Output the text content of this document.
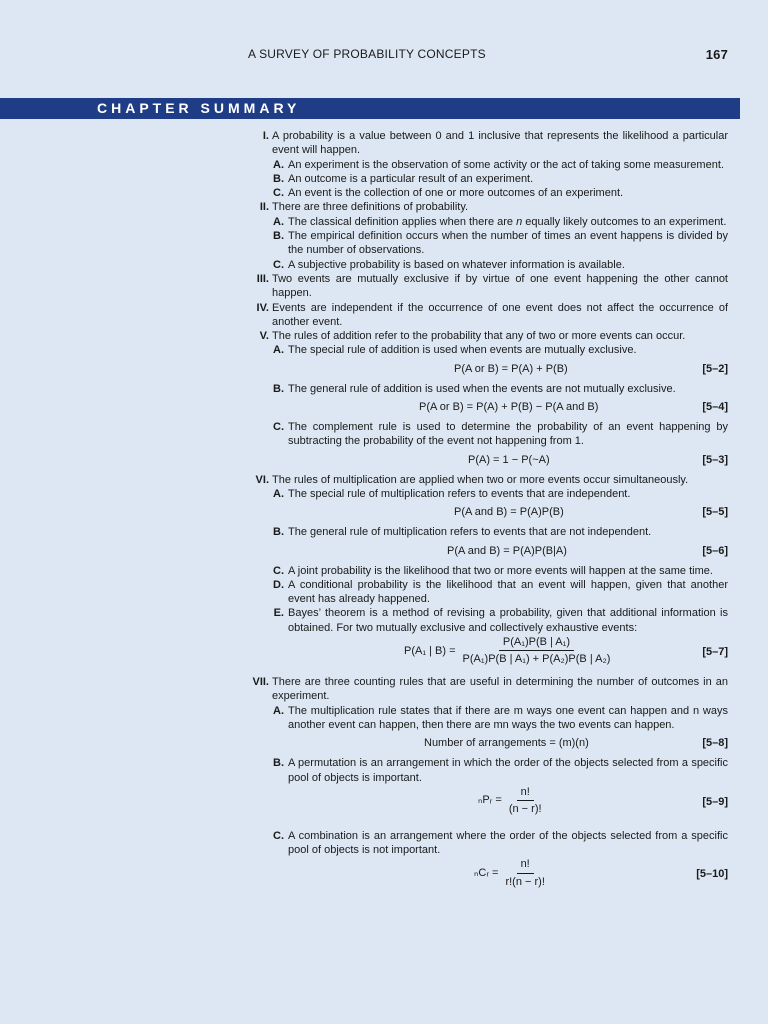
A SURVEY OF PROBABILITY CONCEPTS	167
CHAPTER SUMMARY
I. A probability is a value between 0 and 1 inclusive that represents the likelihood a particular event will happen.
A. An experiment is the observation of some activity or the act of taking some measurement.
B. An outcome is a particular result of an experiment.
C. An event is the collection of one or more outcomes of an experiment.
II. There are three definitions of probability.
A. The classical definition applies when there are n equally likely outcomes to an experiment.
B. The empirical definition occurs when the number of times an event happens is divided by the number of observations.
C. A subjective probability is based on whatever information is available.
III. Two events are mutually exclusive if by virtue of one event happening the other cannot happen.
IV. Events are independent if the occurrence of one event does not affect the occurrence of another event.
V. The rules of addition refer to the probability that any of two or more events can occur.
A. The special rule of addition is used when events are mutually exclusive.
P(A or B) = P(A) + P(B)	[5–2]
B. The general rule of addition is used when the events are not mutually exclusive.
P(A or B) = P(A) + P(B) − P(A and B)	[5–4]
C. The complement rule is used to determine the probability of an event happening by subtracting the probability of the event not happening from 1.
P(A) = 1 − P(~A)	[5–3]
VI. The rules of multiplication are applied when two or more events occur simultaneously.
A. The special rule of multiplication refers to events that are independent.
P(A and B) = P(A)P(B)	[5–5]
B. The general rule of multiplication refers to events that are not independent.
P(A and B) = P(A)P(B|A)	[5–6]
C. A joint probability is the likelihood that two or more events will happen at the same time.
D. A conditional probability is the likelihood that an event will happen, given that another event has already happened.
E. Bayes’ theorem is a method of revising a probability, given that additional information is obtained. For two mutually exclusive and collectively exhaustive events:
P(A₁ | $B) = \frac{\text{P(A₁)P(B | A₁)}}{\text{P(A₁)P(B | A₁) + P(A₂)P(B | A₂)}}$	[5–7]
VII. There are three counting rules that are useful in determining the number of outcomes in an experiment.
A. The multiplication rule states that if there are m ways one event can happen and n ways another event can happen, then there are mn ways the two events can happen.
Number of arrangements = (m)(n)	[5–8]
B. A permutation is an arrangement in which the order of the objects selected from a specific pool of objects is important.
ₙPᵣ = $\frac{n!}{(n - r)!}$	[5–9]
C. A combination is an arrangement where the order of the objects selected from a specific pool of objects is not important.
ₙCᵣ = $\frac{n!}{r!(n - r)!}$	[5–10]
